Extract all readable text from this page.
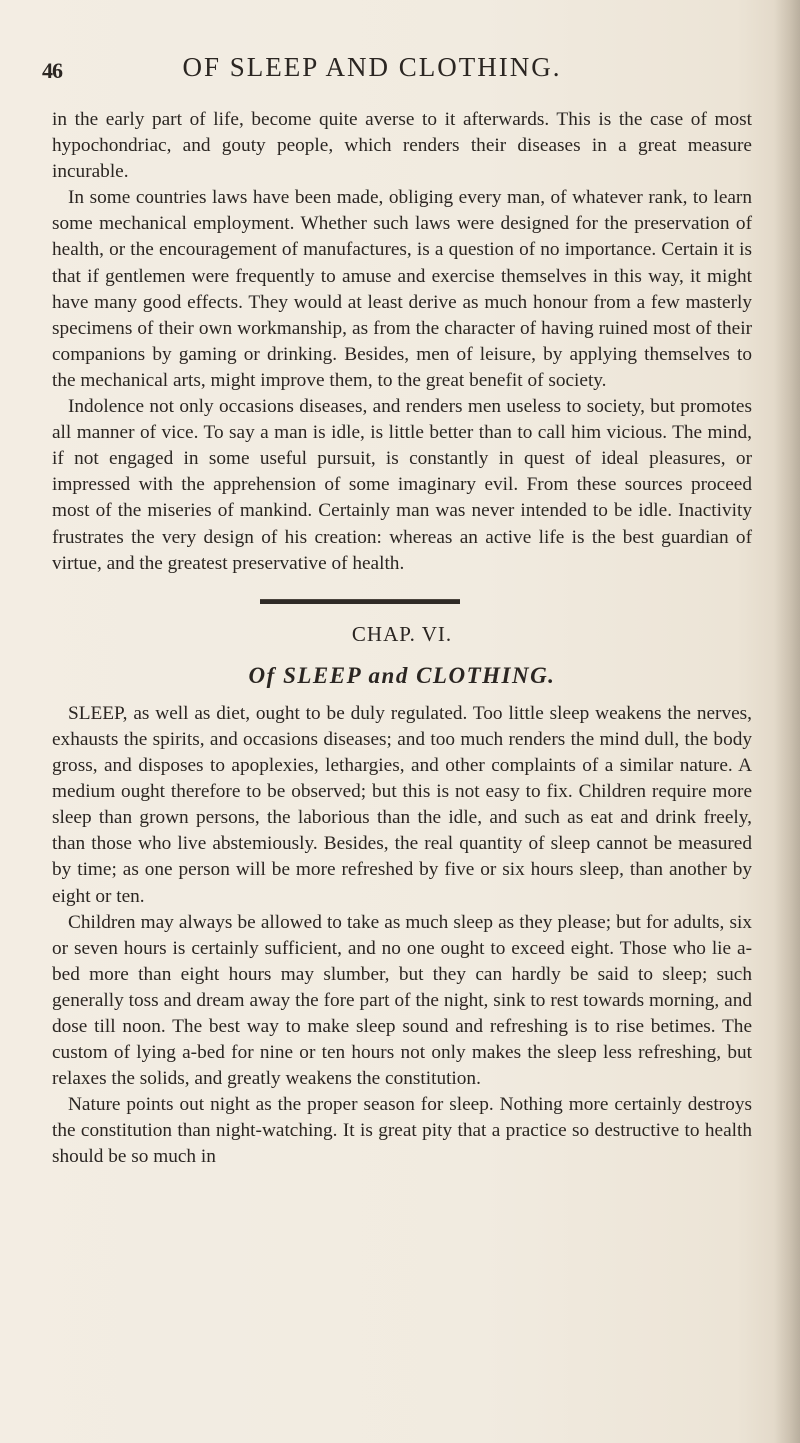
46	OF SLEEP AND CLOTHING.

in the early part of life, become quite averse to it afterwards. This is the case of most hypochondriac, and gouty people, which renders their diseases in a great measure incurable.

In some countries laws have been made, obliging every man, of whatever rank, to learn some mechanical employment. Whether such laws were designed for the preservation of health, or the encouragement of manufactures, is a question of no importance. Certain it is that if gentlemen were frequently to amuse and exercise themselves in this way, it might have many good effects. They would at least derive as much honour from a few masterly specimens of their own workmanship, as from the character of having ruined most of their companions by gaming or drinking. Besides, men of leisure, by applying themselves to the mechanical arts, might improve them, to the great benefit of society.

Indolence not only occasions diseases, and renders men useless to society, but promotes all manner of vice. To say a man is idle, is little better than to call him vicious. The mind, if not engaged in some useful pursuit, is constantly in quest of ideal pleasures, or impressed with the apprehension of some imaginary evil. From these sources proceed most of the miseries of mankind. Certainly man was never intended to be idle. Inactivity frustrates the very design of his creation: whereas an active life is the best guardian of virtue, and the greatest preservative of health.

CHAP. VI.
Of SLEEP and CLOTHING.

SLEEP, as well as diet, ought to be duly regulated. Too little sleep weakens the nerves, exhausts the spirits, and occasions diseases; and too much renders the mind dull, the body gross, and disposes to apoplexies, lethargies, and other complaints of a similar nature. A medium ought therefore to be observed; but this is not easy to fix. Children require more sleep than grown persons, the laborious than the idle, and such as eat and drink freely, than those who live abstemiously. Besides, the real quantity of sleep cannot be measured by time; as one person will be more refreshed by five or six hours sleep, than another by eight or ten.

Children may always be allowed to take as much sleep as they please; but for adults, six or seven hours is certainly sufficient, and no one ought to exceed eight. Those who lie a-bed more than eight hours may slumber, but they can hardly be said to sleep; such generally toss and dream away the fore part of the night, sink to rest towards morning, and dose till noon. The best way to make sleep sound and refreshing is to rise betimes. The custom of lying a-bed for nine or ten hours not only makes the sleep less refreshing, but relaxes the solids, and greatly weakens the constitution.

Nature points out night as the proper season for sleep. Nothing more certainly destroys the constitution than night-watching. It is great pity that a practice so destructive to health should be so much in
